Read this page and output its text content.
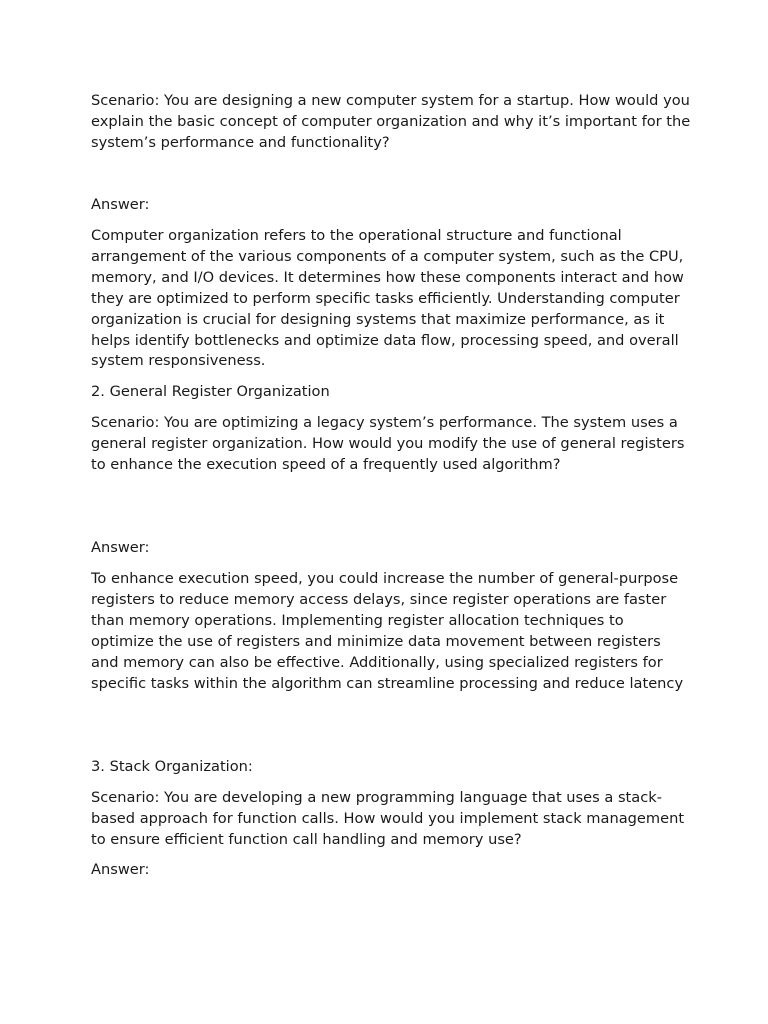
Scenario: You are designing a new computer system for a startup. How would you explain the basic concept of computer organization and why it’s important for the system’s performance and functionality?

Answer:

Computer organization refers to the operational structure and functional arrangement of the various components of a computer system, such as the CPU, memory, and I/O devices. It determines how these components interact and how they are optimized to perform specific tasks efficiently. Understanding computer organization is crucial for designing systems that maximize performance, as it helps identify bottlenecks and optimize data flow, processing speed, and overall system responsiveness.

2. General Register Organization

Scenario: You are optimizing a legacy system’s performance. The system uses a general register organization. How would you modify the use of general registers to enhance the execution speed of a frequently used algorithm?

Answer:

To enhance execution speed, you could increase the number of general-purpose registers to reduce memory access delays, since register operations are faster than memory operations. Implementing register allocation techniques to optimize the use of registers and minimize data movement between registers and memory can also be effective. Additionally, using specialized registers for specific tasks within the algorithm can streamline processing and reduce latency

3. Stack Organization:

Scenario: You are developing a new programming language that uses a stack-based approach for function calls. How would you implement stack management to ensure efficient function call handling and memory use?

Answer:
